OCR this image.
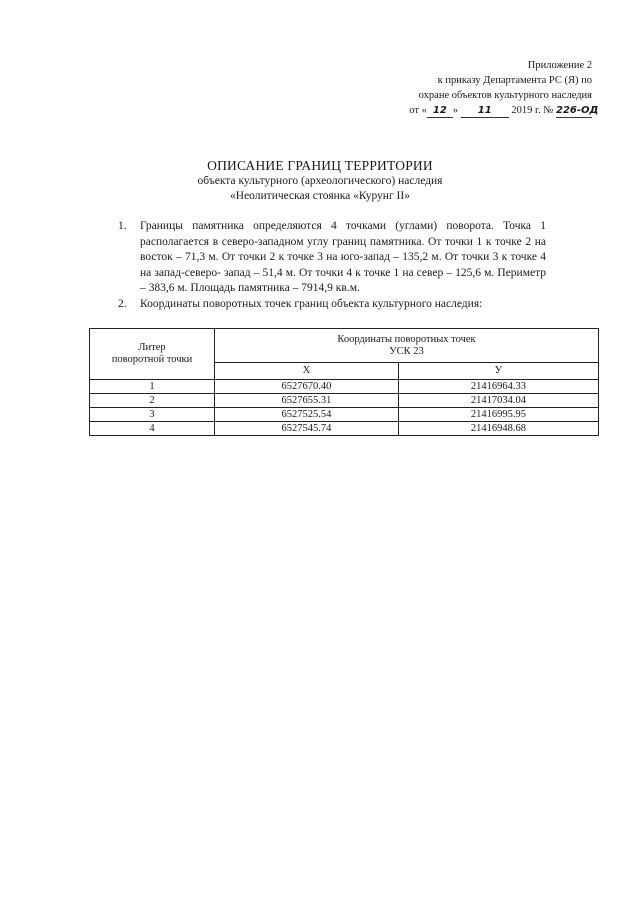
Приложение 2
к приказу Департамента РС (Я) по
охране объектов культурного наследия
от « 12 » 11 2019 г. № 226-ОД
ОПИСАНИЕ ГРАНИЦ ТЕРРИТОРИИ
объекта культурного (археологического) наследия
«Неолитическая стоянка «Курунг II»
1. Границы памятника определяются 4 точками (углами) поворота. Точка 1 располагается в северо-западном углу границ памятника. От точки 1 к точке 2 на восток – 71,3 м. От точки 2 к точке 3 на юго-запад – 135,2 м. От точки 3 к точке 4 на запад-северо- запад – 51,4 м. От точки 4 к точке 1 на север – 125,6 м. Периметр – 383,6 м. Площадь памятника – 7914,9 кв.м.
2. Координаты поворотных точек границ объекта культурного наследия:
Литер
поворотной точки	Координаты поворотных точек
УСК 23	
	X	У
1	6527670.40	21416964.33
2	6527655.31	21417034.04
3	6527525.54	21416995.95
4	6527545.74	21416948.68
